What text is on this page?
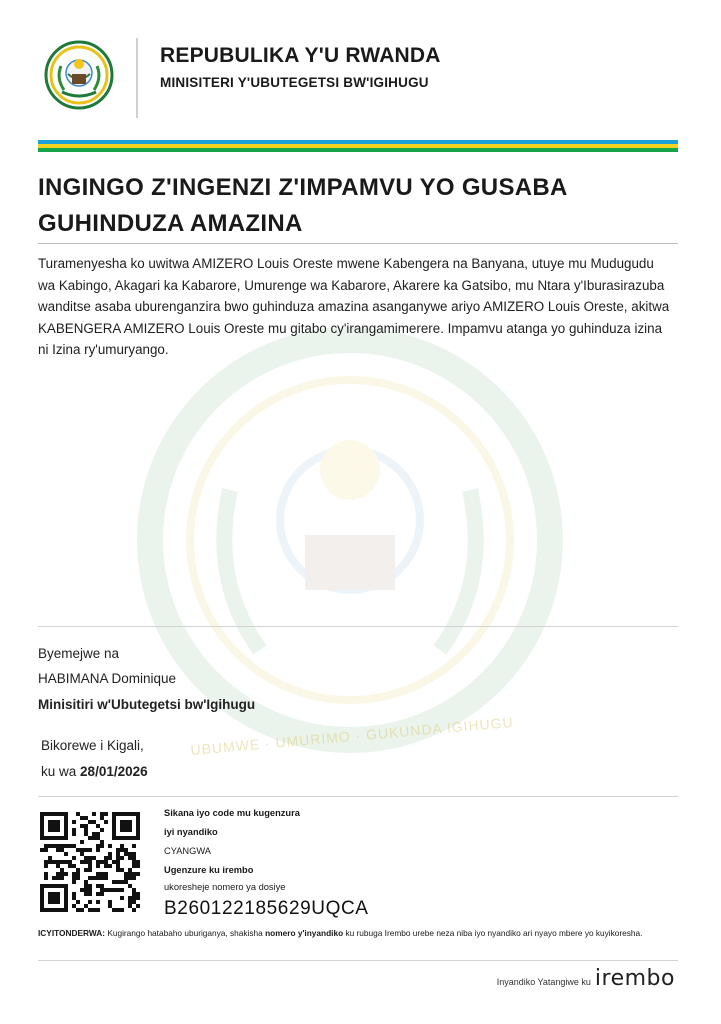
REPUBULIKA Y'U RWANDA
MINISITERI Y'UBUTEGETSI BW'IGIHUGU
UBUMWE · UMURIMO · GUKUNDA IGIHUGU
INGINGO Z'INGENZI Z'IMPAMVU YO GUSABA GUHINDUZA AMAZINA
Turamenyesha ko uwitwa AMIZERO Louis Oreste mwene Kabengera na Banyana, utuye mu Mudugudu wa Kabingo, Akagari ka Kabarore, Umurenge wa Kabarore, Akarere ka Gatsibo, mu Ntara y'Iburasirazuba wanditse asaba uburenganzira bwo guhinduza amazina asanganywe ariyo AMIZERO Louis Oreste, akitwa KABENGERA AMIZERO Louis Oreste mu gitabo cy'irangamimerere. Impamvu atanga yo guhinduza izina ni Izina ry'umuryango.
Byemejwe na
HABIMANA Dominique
Minisitiri w'Ubutegetsi bw'Igihugu
Bikorewe i Kigali,
ku wa 28/01/2026
Sikana iyo code mu kugenzura
iyi nyandiko
CYANGWA
Ugenzure ku irembo
ukoresheje nomero ya dosiye
B260122185629UQCA
ICYITONDERWA: Kugirango hatabaho uburiganya, shakisha nomero y'inyandiko ku rubuga Irembo urebe neza niba iyo nyandiko ari nyayo mbere yo kuyikoresha.
Inyandiko Yatangiwe ku irembo
